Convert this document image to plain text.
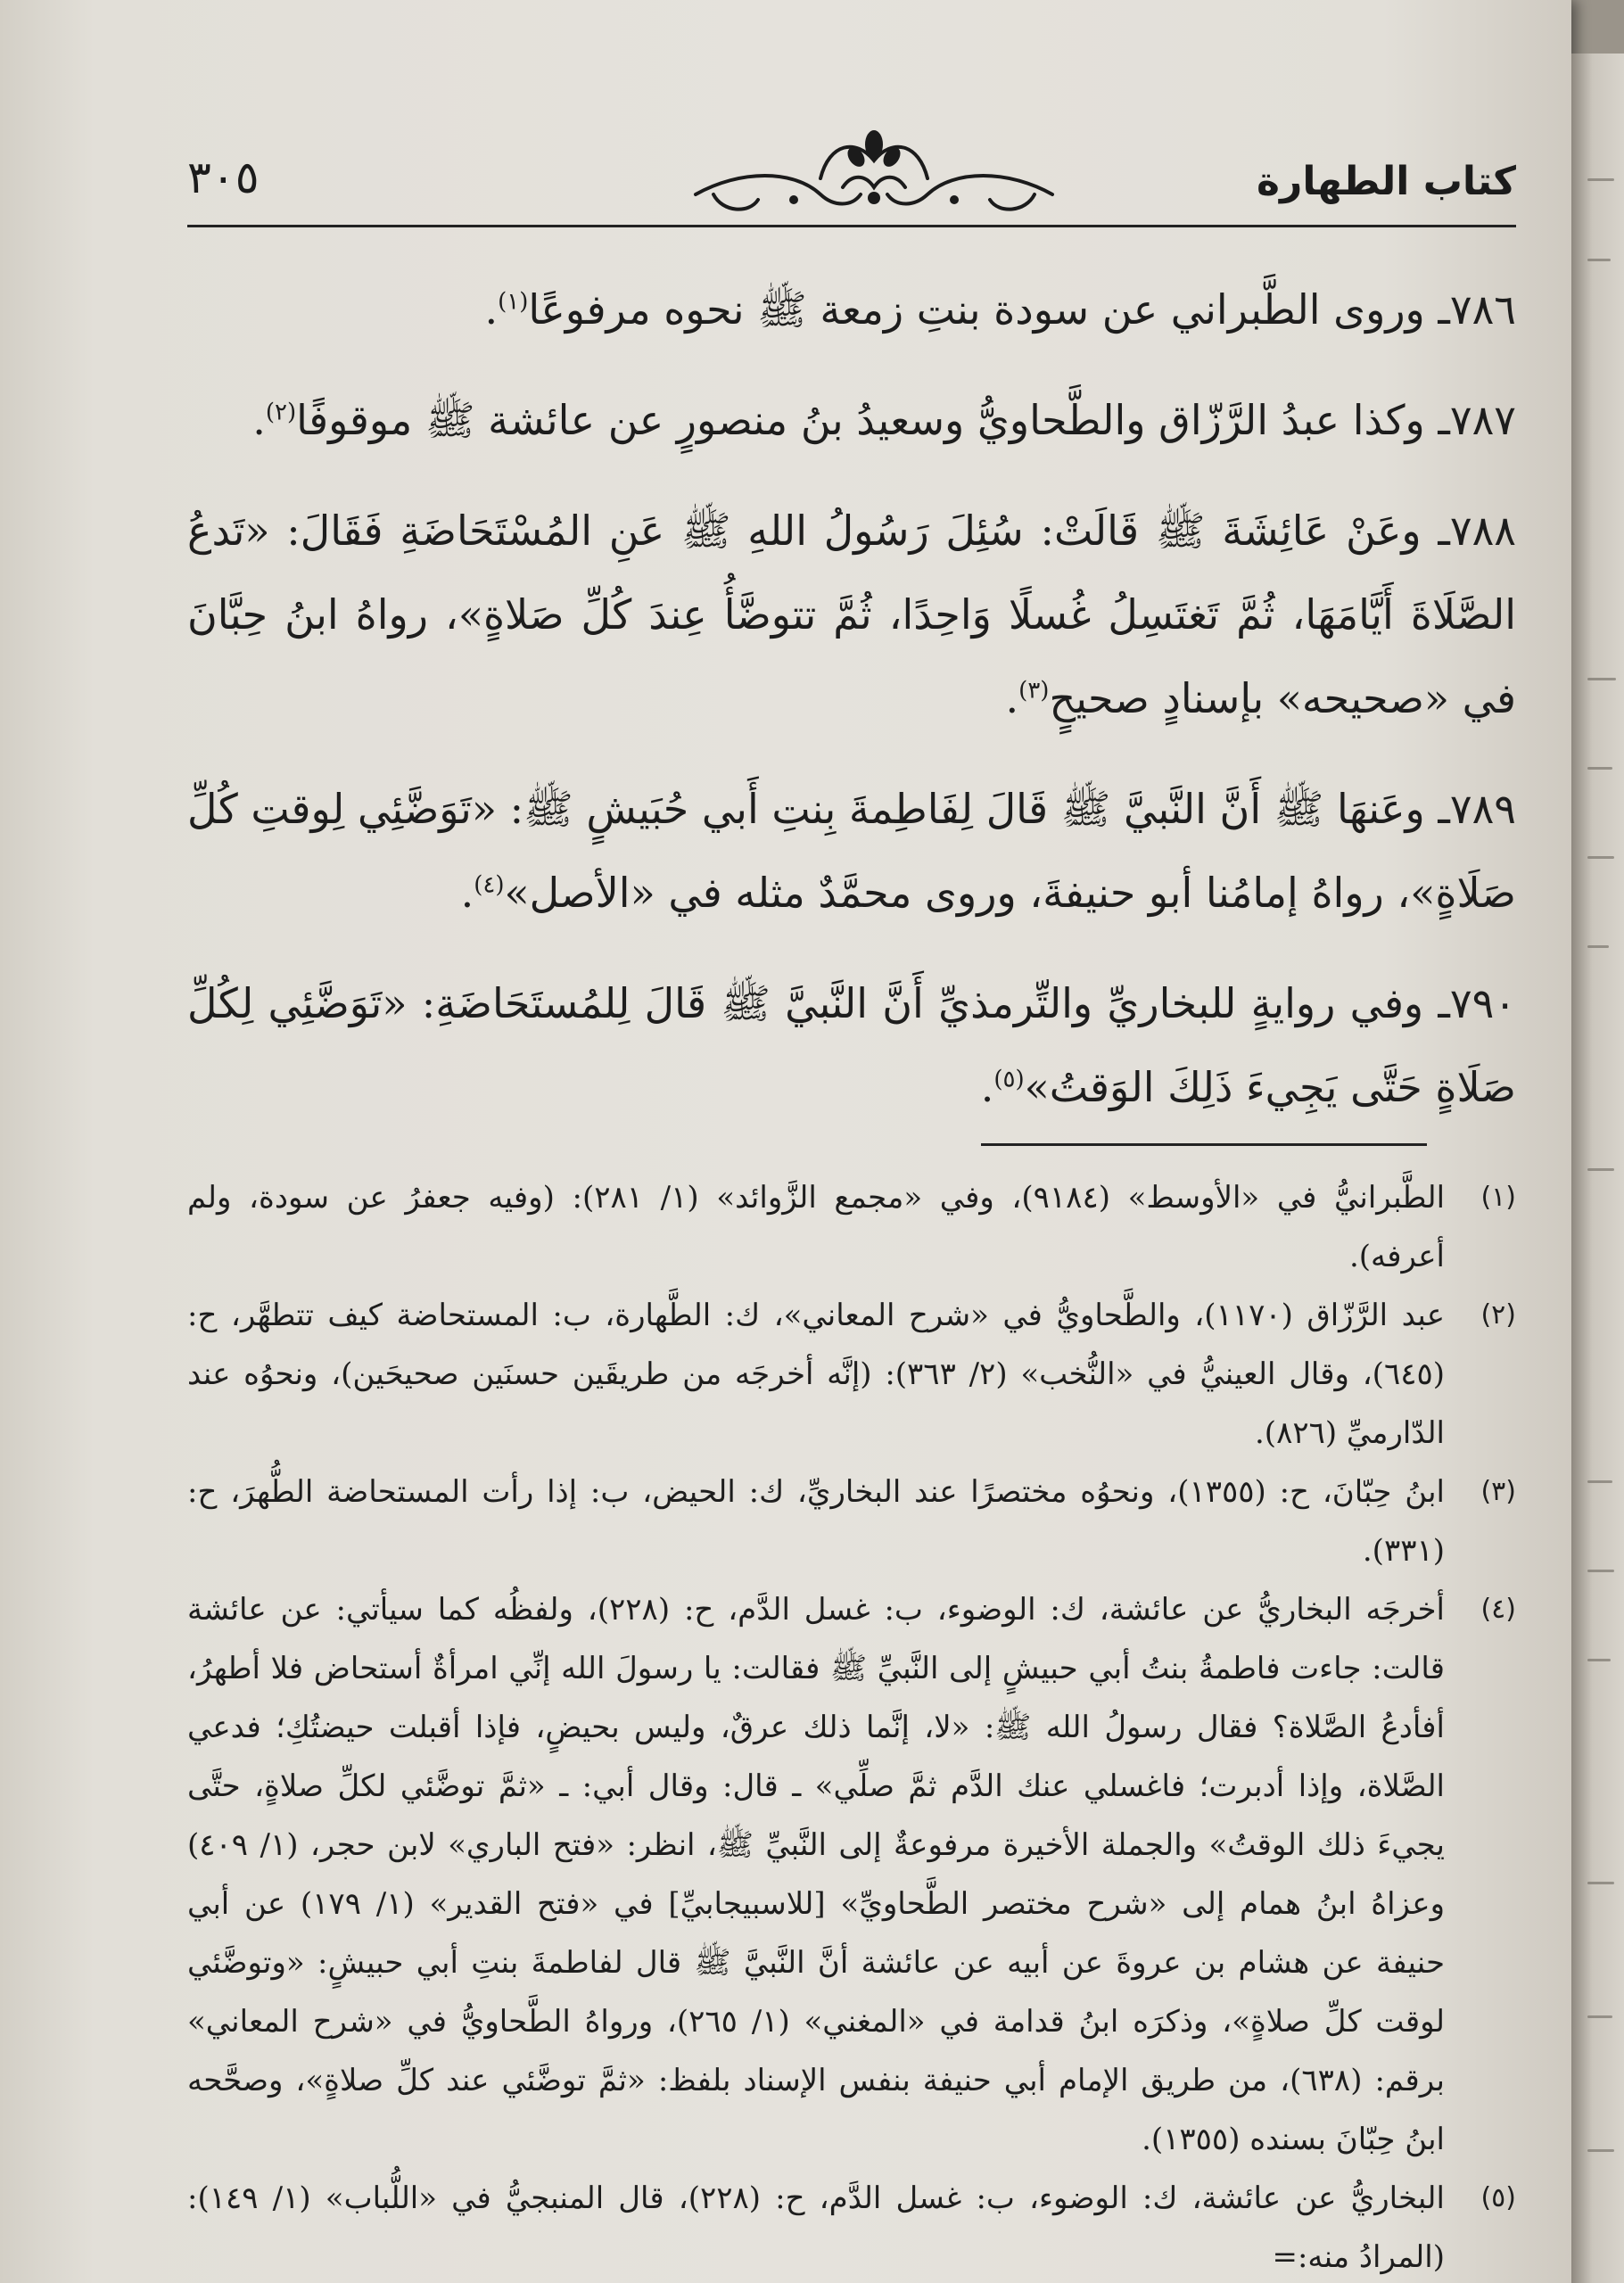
كتاب الطهارة
٣٠٥

٧٨٦ـ وروى الطَّبراني عن سودة بنتِ زمعة ﷺ نحوه مرفوعًا$^{(١)}$.

٧٨٧ـ وكذا عبدُ الرَّزّاق والطَّحاويُّ وسعيدُ بنُ منصورٍ عن عائشة ﷺ موقوفًا$^{(٢)}$.

٧٨٨ـ وعَنْ عَائِشَةَ ﷺ قَالَتْ: سُئِلَ رَسُولُ اللهِ ﷺ عَنِ المُسْتَحَاضَةِ فَقَالَ: «تَدعُ الصَّلَاةَ أَيَّامَهَا، ثُمَّ تَغتَسِلُ غُسلًا وَاحِدًا، ثُمَّ تتوضَّأُ عِندَ كُلِّ صَلاةٍ»، رواهُ ابنُ حِبَّانَ في «صحيحه» بإسنادٍ صحيحٍ$^{(٣)}$.

٧٨٩ـ وعَنهَا ﷺ أَنَّ النَّبيَّ ﷺ قَالَ لِفَاطِمةَ بِنتِ أَبي حُبَيشٍ ﷺ: «تَوَضَّئِي لِوقتِ كُلِّ صَلَاةٍ»، رواهُ إمامُنا أبو حنيفةَ، وروى محمَّدٌ مثله في «الأصل»$^{(٤)}$.

٧٩٠ـ وفي روايةٍ للبخاريِّ والتِّرمذيِّ أَنَّ النَّبيَّ ﷺ قَالَ لِلمُستَحَاضَةِ: «تَوَضَّئِي لِكُلِّ صَلَاةٍ حَتَّى يَجِيءَ ذَلِكَ الوَقتُ»$^{(٥)}$.

(١)
الطَّبرانيُّ في «الأوسط» (٩١٨٤)، وفي «مجمع الزَّوائد» (١/ ٢٨١): (وفيه جعفرُ عن سودة، ولم أعرفه).

(٢)
عبد الرَّزّاق (١١٧٠)، والطَّحاويُّ في «شرح المعاني»، ك: الطَّهارة، ب: المستحاضة كيف تتطهَّر، ح: (٦٤٥)، وقال العينيُّ في «النُّخب» (٢/ ٣٦٣): (إنَّه أخرجَه من طريقَين حسنَين صحيحَين)، ونحوُه عند الدّارميِّ (٨٢٦).

(٣)
ابنُ حِبّانَ، ح: (١٣٥٥)، ونحوُه مختصرًا عند البخاريِّ، ك: الحيض، ب: إذا رأت المستحاضة الطُّهرَ، ح: (٣٣١).

(٤)
أخرجَه البخاريُّ عن عائشة، ك: الوضوء، ب: غسل الدَّم، ح: (٢٢٨)، ولفظُه كما سيأتي: عن عائشة قالت: جاءت فاطمةُ بنتُ أبي حبيشٍ إلى النَّبيِّ ﷺ فقالت: يا رسولَ الله إنِّي امرأةٌ أستحاض فلا أطهرُ، أفأدعُ الصَّلاة؟ فقال رسولُ الله ﷺ: «لا، إنَّما ذلك عرقٌ، وليس بحيضٍ، فإذا أقبلت حيضتُكِ؛ فدعي الصَّلاة، وإذا أدبرت؛ فاغسلي عنك الدَّم ثمَّ صلِّي» ـ قال: وقال أبي: ـ «ثمَّ توضَّئي لكلِّ صلاةٍ، حتَّى يجيءَ ذلك الوقتُ» والجملة الأخيرة مرفوعةٌ إلى النَّبيِّ ﷺ، انظر: «فتح الباري» لابن حجر، (١/ ٤٠٩) وعزاهُ ابنُ همام إلى «شرح مختصر الطَّحاويِّ» [للاسبيجابيِّ] في «فتح القدير» (١/ ١٧٩) عن أبي حنيفة عن هشام بن عروةَ عن أبيه عن عائشة أنَّ النَّبيَّ ﷺ قال لفاطمةَ بنتِ أبي حبيشٍ: «وتوضَّئي لوقت كلِّ صلاةٍ»، وذكرَه ابنُ قدامة في «المغني» (١/ ٢٦٥)، ورواهُ الطَّحاويُّ في «شرح المعاني» برقم: (٦٣٨)، من طريق الإمام أبي حنيفة بنفس الإسناد بلفظ: «ثمَّ توضَّئي عند كلِّ صلاةٍ»، وصحَّحه ابنُ حِبّانَ بسنده (١٣٥٥).

(٥)
البخاريُّ عن عائشة، ك: الوضوء، ب: غسل الدَّم، ح: (٢٢٨)، قال المنبجيُّ في «اللُّباب» (١/ ١٤٩): (المرادُ منه:=
